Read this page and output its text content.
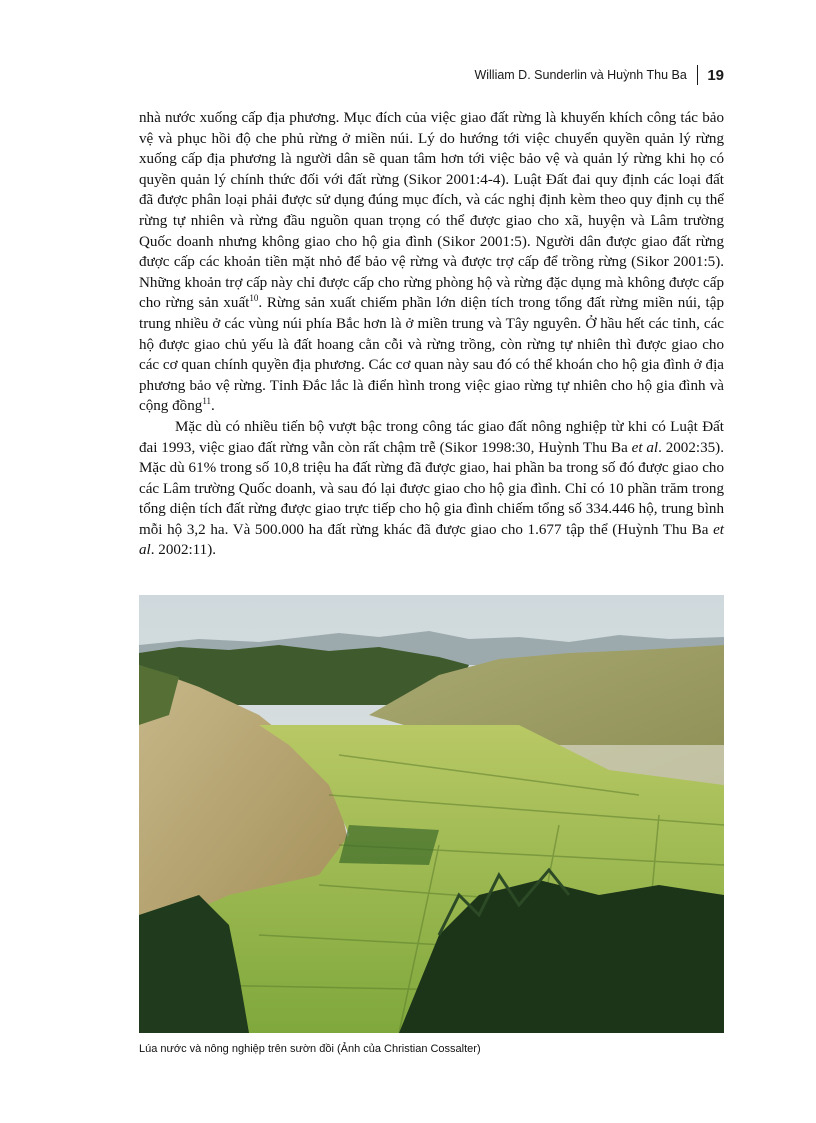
William D. Sunderlin và Huỳnh Thu Ba 19

nhà nước xuống cấp địa phương. Mục đích của việc giao đất rừng là khuyến khích công tác bảo vệ và phục hồi độ che phủ rừng ở miền núi. Lý do hướng tới việc chuyển quyền quản lý rừng xuống cấp địa phương là người dân sẽ quan tâm hơn tới việc bảo vệ và quản lý rừng khi họ có quyền quản lý chính thức đối với đất rừng (Sikor 2001:4-4). Luật Đất đai quy định các loại đất đã được phân loại phải được sử dụng đúng mục đích, và các nghị định kèm theo quy định cụ thể rừng tự nhiên và rừng đầu nguồn quan trọng có thể được giao cho xã, huyện và Lâm trường Quốc doanh nhưng không giao cho hộ gia đình (Sikor 2001:5). Người dân được giao đất rừng được cấp các khoản tiền mặt nhỏ để bảo vệ rừng và được trợ cấp để trồng rừng (Sikor 2001:5). Những khoản trợ cấp này chỉ được cấp cho rừng phòng hộ và rừng đặc dụng mà không được cấp cho rừng sản xuất$^{10}$. Rừng sản xuất chiếm phần lớn diện tích trong tổng đất rừng miền núi, tập trung nhiều ở các vùng núi phía Bắc hơn là ở miền trung và Tây nguyên. Ở hầu hết các tỉnh, các hộ được giao chủ yếu là đất hoang cằn cỗi và rừng trồng, còn rừng tự nhiên thì được giao cho các cơ quan chính quyền địa phương. Các cơ quan này sau đó có thể khoán cho hộ gia đình ở địa phương bảo vệ rừng. Tỉnh Đắc lắc là điển hình trong việc giao rừng tự nhiên cho hộ gia đình và cộng đồng$^{11}$.

Mặc dù có nhiều tiến bộ vượt bậc trong công tác giao đất nông nghiệp từ khi có Luật Đất đai 1993, việc giao đất rừng vẫn còn rất chậm trễ (Sikor 1998:30, Huỳnh Thu Ba et al. 2002:35). Mặc dù 61% trong số 10,8 triệu ha đất rừng đã được giao, hai phần ba trong số đó được giao cho các Lâm trường Quốc doanh, và sau đó lại được giao cho hộ gia đình. Chỉ có 10 phần trăm trong tổng diện tích đất rừng được giao trực tiếp cho hộ gia đình chiếm tổng số 334.446 hộ, trung bình mỗi hộ 3,2 ha. Và 500.000 ha đất rừng khác đã được giao cho 1.677 tập thể (Huỳnh Thu Ba et al. 2002:11).

Lúa nước và nông nghiệp trên sườn đồi (Ảnh của Christian Cossalter)
